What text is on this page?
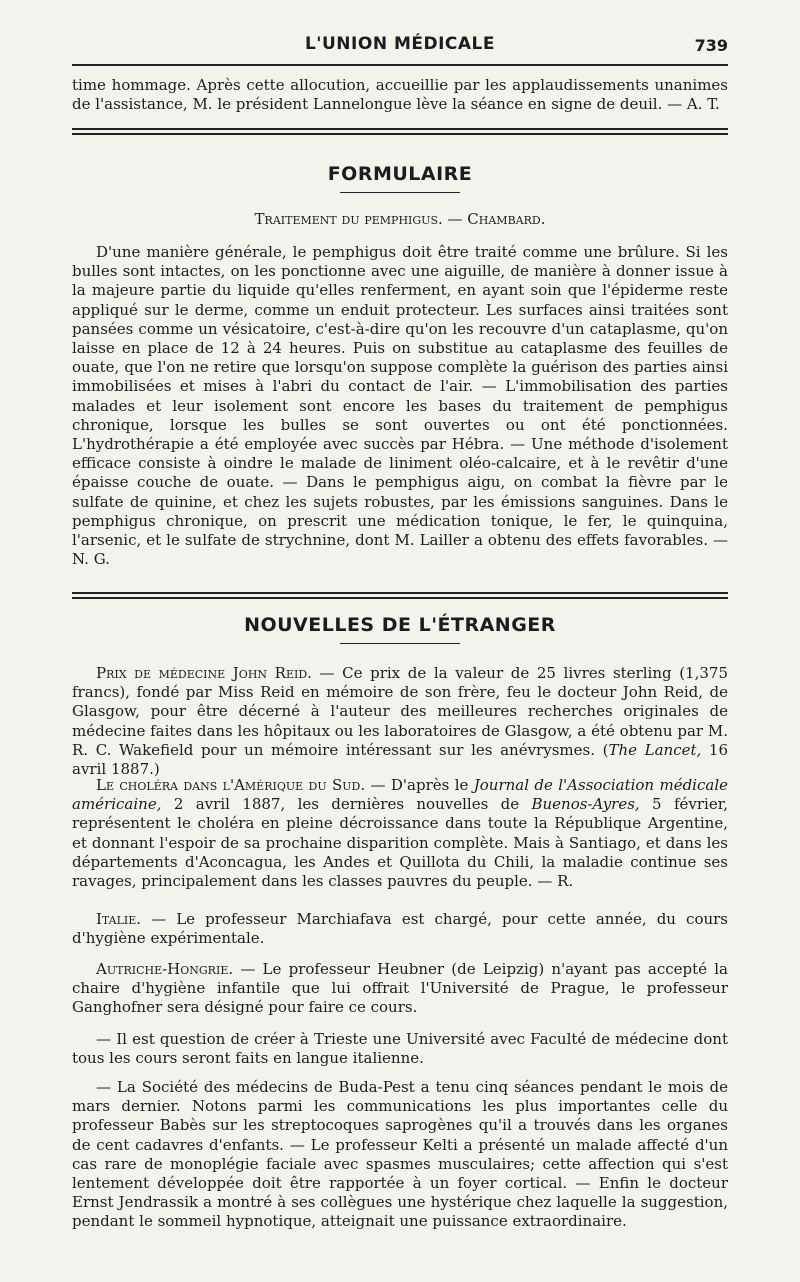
L'UNION MÉDICALE	739

time hommage. Après cette allocution, accueillie par les applaudissements unanimes de l'assistance, M. le président Lannelongue lève la séance en signe de deuil. — A. T.

FORMULAIRE
Traitement du pemphigus. — Chambard.

D'une manière générale, le pemphigus doit être traité comme une brûlure. Si les bulles sont intactes, on les ponctionne avec une aiguille, de manière à donner issue à la majeure partie du liquide qu'elles renferment, en ayant soin que l'épiderme reste appliqué sur le derme, comme un enduit protecteur. Les surfaces ainsi traitées sont pansées comme un vésicatoire, c'est-à-dire qu'on les recouvre d'un cataplasme, qu'on laisse en place de 12 à 24 heures. Puis on substitue au cataplasme des feuilles de ouate, que l'on ne retire que lorsqu'on suppose complète la guérison des parties ainsi immobilisées et mises à l'abri du contact de l'air. — L'immobilisation des parties malades et leur isolement sont encore les bases du traitement de pemphigus chronique, lorsque les bulles se sont ouvertes ou ont été ponctionnées. L'hydrothérapie a été employée avec succès par Hébra. — Une méthode d'isolement efficace consiste à oindre le malade de liniment oléo-calcaire, et à le revêtir d'une épaisse couche de ouate. — Dans le pemphigus aigu, on combat la fièvre par le sulfate de quinine, et chez les sujets robustes, par les émissions sanguines. Dans le pemphigus chronique, on prescrit une médication tonique, le fer, le quinquina, l'arsenic, et le sulfate de strychnine, dont M. Lailler a obtenu des effets favorables. — N. G.

NOUVELLES DE L'ÉTRANGER

Prix de médecine John Reid. — Ce prix de la valeur de 25 livres sterling (1,375 francs), fondé par Miss Reid en mémoire de son frère, feu le docteur John Reid, de Glasgow, pour être décerné à l'auteur des meilleures recherches originales de médecine faites dans les hôpitaux ou les laboratoires de Glasgow, a été obtenu par M. R. C. Wakefield pour un mémoire intéressant sur les anévrysmes. (The Lancet, 16 avril 1887.)

Le choléra dans l'Amérique du Sud. — D'après le Journal de l'Association médicale américaine, 2 avril 1887, les dernières nouvelles de Buenos-Ayres, 5 février, représentent le choléra en pleine décroissance dans toute la République Argentine, et donnant l'espoir de sa prochaine disparition complète. Mais à Santiago, et dans les départements d'Aconcagua, les Andes et Quillota du Chili, la maladie continue ses ravages, principalement dans les classes pauvres du peuple. — R.

Italie. — Le professeur Marchiafava est chargé, pour cette année, du cours d'hygiène expérimentale.

Autriche-Hongrie. — Le professeur Heubner (de Leipzig) n'ayant pas accepté la chaire d'hygiène infantile que lui offrait l'Université de Prague, le professeur Ganghofner sera désigné pour faire ce cours.

— Il est question de créer à Trieste une Université avec Faculté de médecine dont tous les cours seront faits en langue italienne.

— La Société des médecins de Buda-Pest a tenu cinq séances pendant le mois de mars dernier. Notons parmi les communications les plus importantes celle du professeur Babès sur les streptocoques saprogènes qu'il a trouvés dans les organes de cent cadavres d'enfants. — Le professeur Kelti a présenté un malade affecté d'un cas rare de monoplégie faciale avec spasmes musculaires; cette affection qui s'est lentement développée doit être rapportée à un foyer cortical. — Enfin le docteur Ernst Jendrassik a montré à ses collègues une hystérique chez laquelle la suggestion, pendant le sommeil hypnotique, atteignait une puissance extraordinaire.
